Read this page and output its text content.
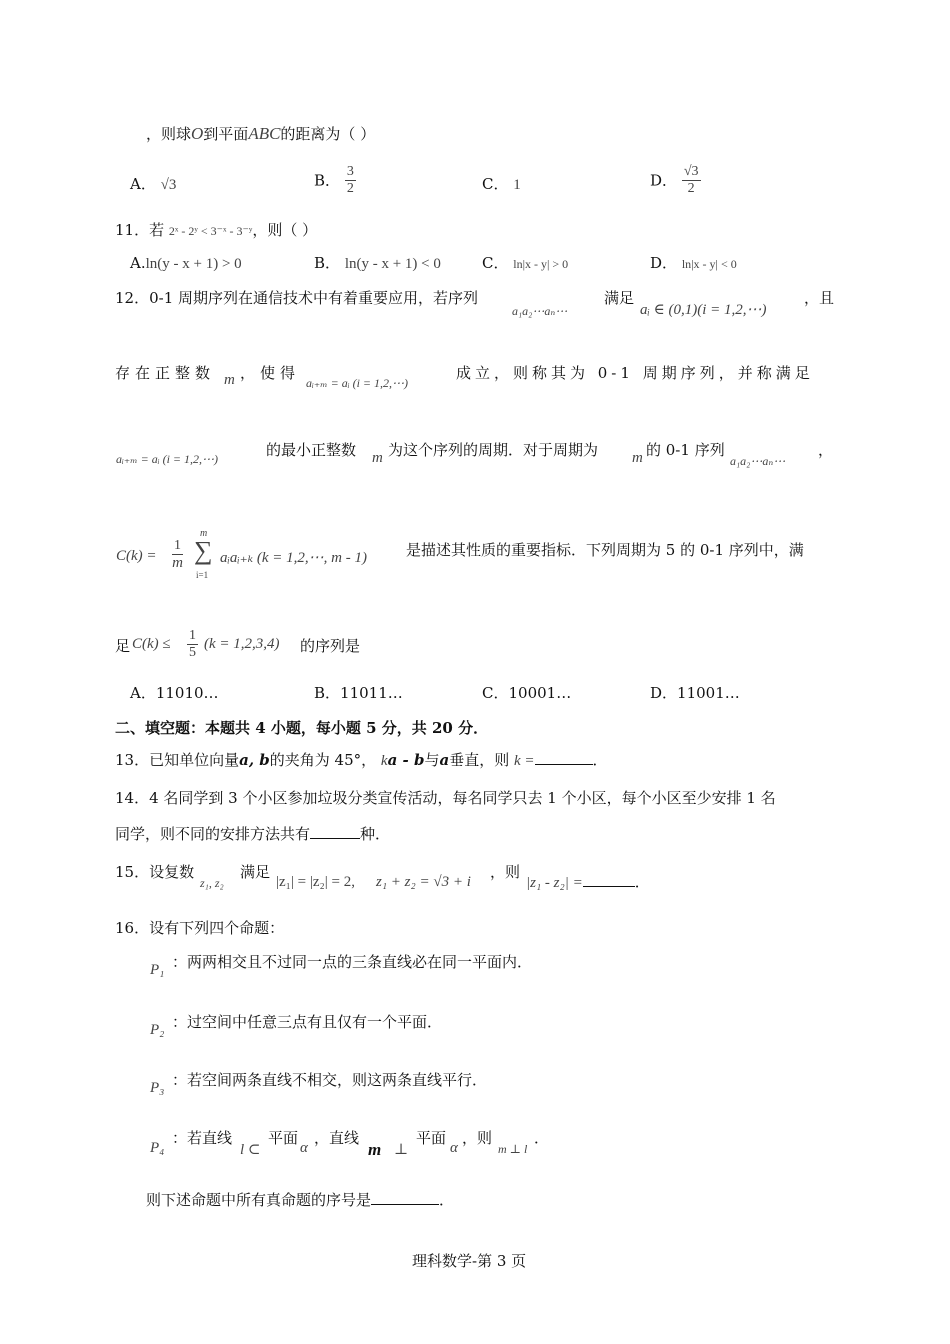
，则球O到平面ABC的距离为（ ）
A． √3	B． $\frac{3}{2}$	C． 1	D． $\frac{√3}{2}$
11．若 2ˣ - 2ʸ < 3⁻ˣ - 3⁻ʸ，则（ ）
A.ln(y - x + 1) > 0	B． ln(y - x + 1) < 0	C． ln|x - y| > 0	D． ln|x - y| < 0
12．0-1 周期序列在通信技术中有着重要应用，若序列
a₁a₂⋯aₙ⋯
满足
aᵢ ∈ (0,1)(i = 1,2,⋯)
，且
存在正整数 m ，使得
aᵢ₊ₘ = aᵢ (i = 1,2,⋯)
成立，则称其为 0-1 周期序列，并称满足
aᵢ₊ₘ = aᵢ (i = 1,2,⋯)	的最小正整数 m 为这个序列的周期．对于周期为 m 的 0-1 序列
a₁a₂⋯aₙ⋯
，
$C(k) = \frac{1}{m}$
m
∑
i=1
aᵢaᵢ₊ₖ (k = 1,2,⋯, m - 1)	是描述其性质的重要指标．下列周期为 5 的 0-1 序列中，满
足 $C(k) \le \frac{1}{5} (k = 1,2,3,4)$ 的序列是
A．11010…	B．11011…	C．10001…	D．11001…
二、填空题：本题共 4 小题，每小题 5 分，共 20 分．
13．已知单位向量a, b的夹角为 45°， ka - b与a垂直，则 k =	．
14．4 名同学到 3 个小区参加垃圾分类宣传活动，每名同学只去 1 个小区，每个小区至少安排 1 名
同学，则不同的安排方法共有	种．
15．设复数
z₁, z₂
满足
|z₁| = |z₂| = 2, z₁ + z₂ = √3 + i
，则
|z₁ - z₂| =	．
16．设有下列四个命题：
P₁ ：两两相交且不过同一点的三条直线必在同一平面内．
P₂ ：过空间中任意三点有且仅有一个平面．
P₃ ：若空间两条直线不相交，则这两条直线平行．
P₄
：若直线
l ⊂
平面
α
，直线
m ⊥
平面
α
，则
m ⊥ l
．
则下述命题中所有真命题的序号是	．
理科数学-第 3 页
